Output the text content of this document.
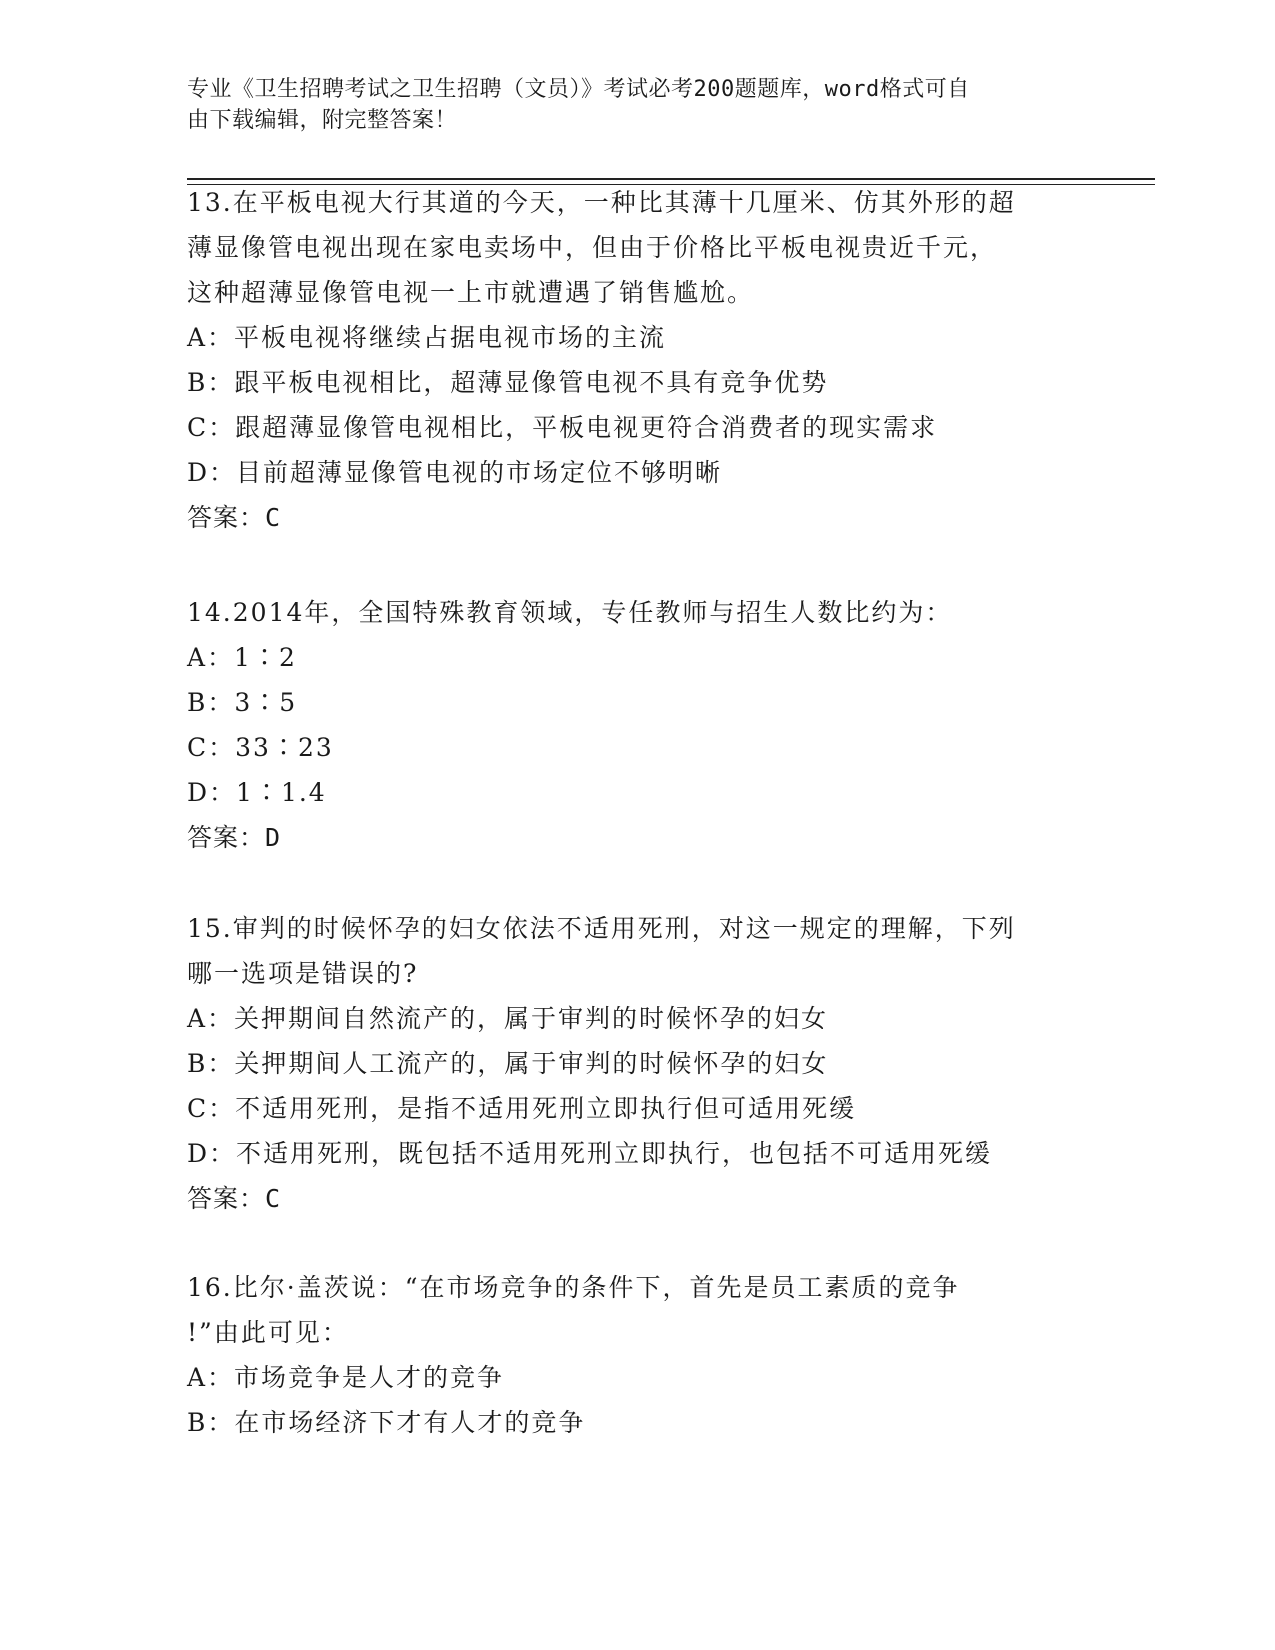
专业《卫生招聘考试之卫生招聘（文员）》考试必考200题题库，word格式可自
由下载编辑，附完整答案！
13.在平板电视大行其道的今天，一种比其薄十几厘米、仿其外形的超
薄显像管电视出现在家电卖场中，但由于价格比平板电视贵近千元，
这种超薄显像管电视一上市就遭遇了销售尴尬。
A：平板电视将继续占据电视市场的主流
B：跟平板电视相比，超薄显像管电视不具有竞争优势
C：跟超薄显像管电视相比，平板电视更符合消费者的现实需求
D：目前超薄显像管电视的市场定位不够明晰
答案：C
14.2014年，全国特殊教育领域，专任教师与招生人数比约为：
A：1∶2
B：3∶5
C：33∶23
D：1∶1.4
答案：D
15.审判的时候怀孕的妇女依法不适用死刑，对这一规定的理解，下列
哪一选项是错误的?
A：关押期间自然流产的，属于审判的时候怀孕的妇女
B：关押期间人工流产的，属于审判的时候怀孕的妇女
C：不适用死刑，是指不适用死刑立即执行但可适用死缓
D：不适用死刑，既包括不适用死刑立即执行，也包括不可适用死缓
答案：C
16.比尔·盖茨说：“在市场竞争的条件下，首先是员工素质的竞争
!”由此可见：
A：市场竞争是人才的竞争
B：在市场经济下才有人才的竞争
